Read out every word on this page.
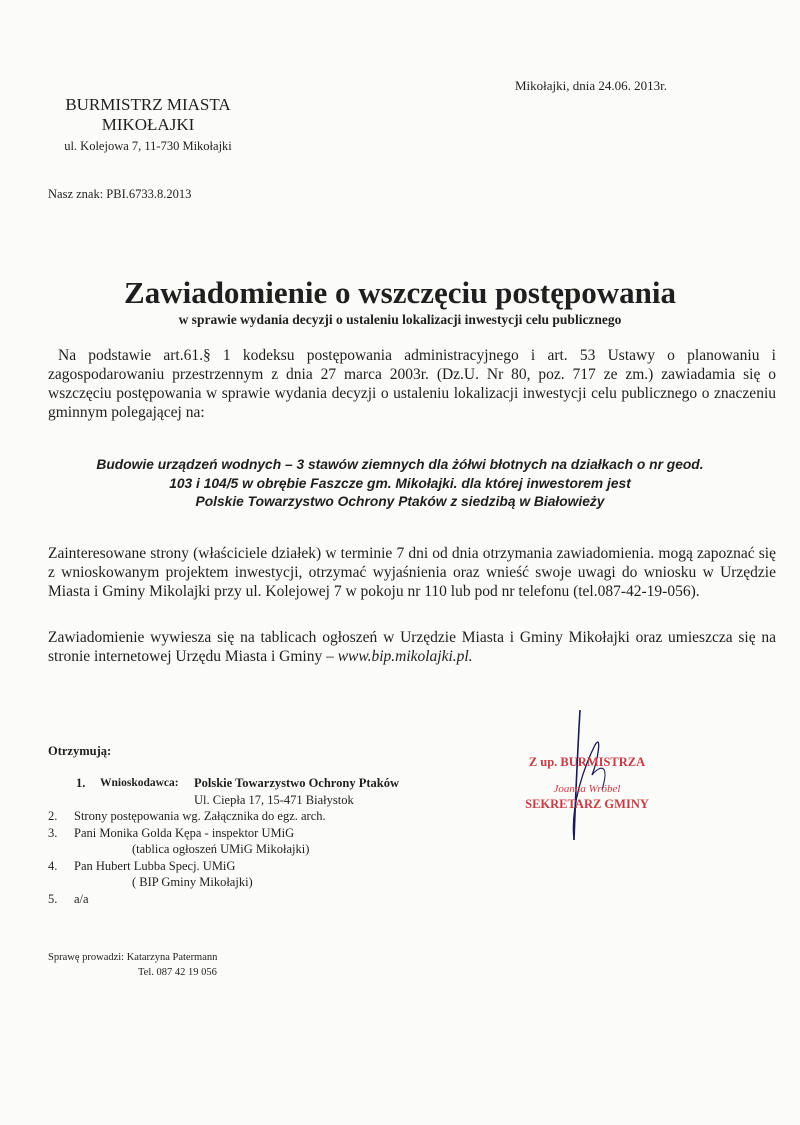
Mikołajki, dnia 24.06. 2013r.
BURMISTRZ MIASTA
MIKOŁAJKI
ul. Kolejowa 7, 11-730 Mikołajki
Nasz znak: PBI.6733.8.2013
Zawiadomienie o wszczęciu postępowania
w sprawie wydania decyzji o ustaleniu lokalizacji inwestycji celu publicznego
Na podstawie art.61.§ 1 kodeksu postępowania administracyjnego i art. 53 Ustawy o planowaniu i zagospodarowaniu przestrzennym z dnia 27 marca 2003r. (Dz.U. Nr 80, poz. 717 ze zm.) zawiadamia się o wszczęciu postępowania w sprawie wydania decyzji o ustaleniu lokalizacji inwestycji celu publicznego o znaczeniu gminnym polegającej na:
Budowie urządzeń wodnych – 3 stawów ziemnych dla żółwi błotnych na działkach o nr geod.
103 i 104/5 w obrębie Faszcze gm. Mikołajki. dla której inwestorem jest
Polskie Towarzystwo Ochrony Ptaków z siedzibą w Białowieży
Zainteresowane strony (właściciele działek) w terminie 7 dni od dnia otrzymania zawiadomienia. mogą zapoznać się z wnioskowanym projektem inwestycji, otrzymać wyjaśnienia oraz wnieść swoje uwagi do wniosku w Urzędzie Miasta i Gminy Mikolajki przy ul. Kolejowej 7 w pokoju nr 110 lub pod nr telefonu (tel.087-42-19-056).
Zawiadomienie wywiesza się na tablicach ogłoszeń w Urzędzie Miasta i Gminy Mikołajki oraz umieszcza się na stronie internetowej Urzędu Miasta i Gminy – www.bip.mikolajki.pl.
Z up. BURMISTRZA
Joanna Wróbel
SEKRETARZ GMINY
Otrzymują:
1. Wnioskodawca: Polskie Towarzystwo Ochrony Ptaków
Ul. Ciepła 17, 15-471 Białystok
2. Strony postępowania wg. Załącznika do egz. arch.
3. Pani Monika Golda Kępa - inspektor UMiG
(tablica ogłoszeń UMiG Mikołajki)
4. Pan Hubert Lubba Specj. UMiG
( BIP Gminy Mikołajki)
5. a/a
Sprawę prowadzi: Katarzyna Patermann
Tel. 087 42 19 056
